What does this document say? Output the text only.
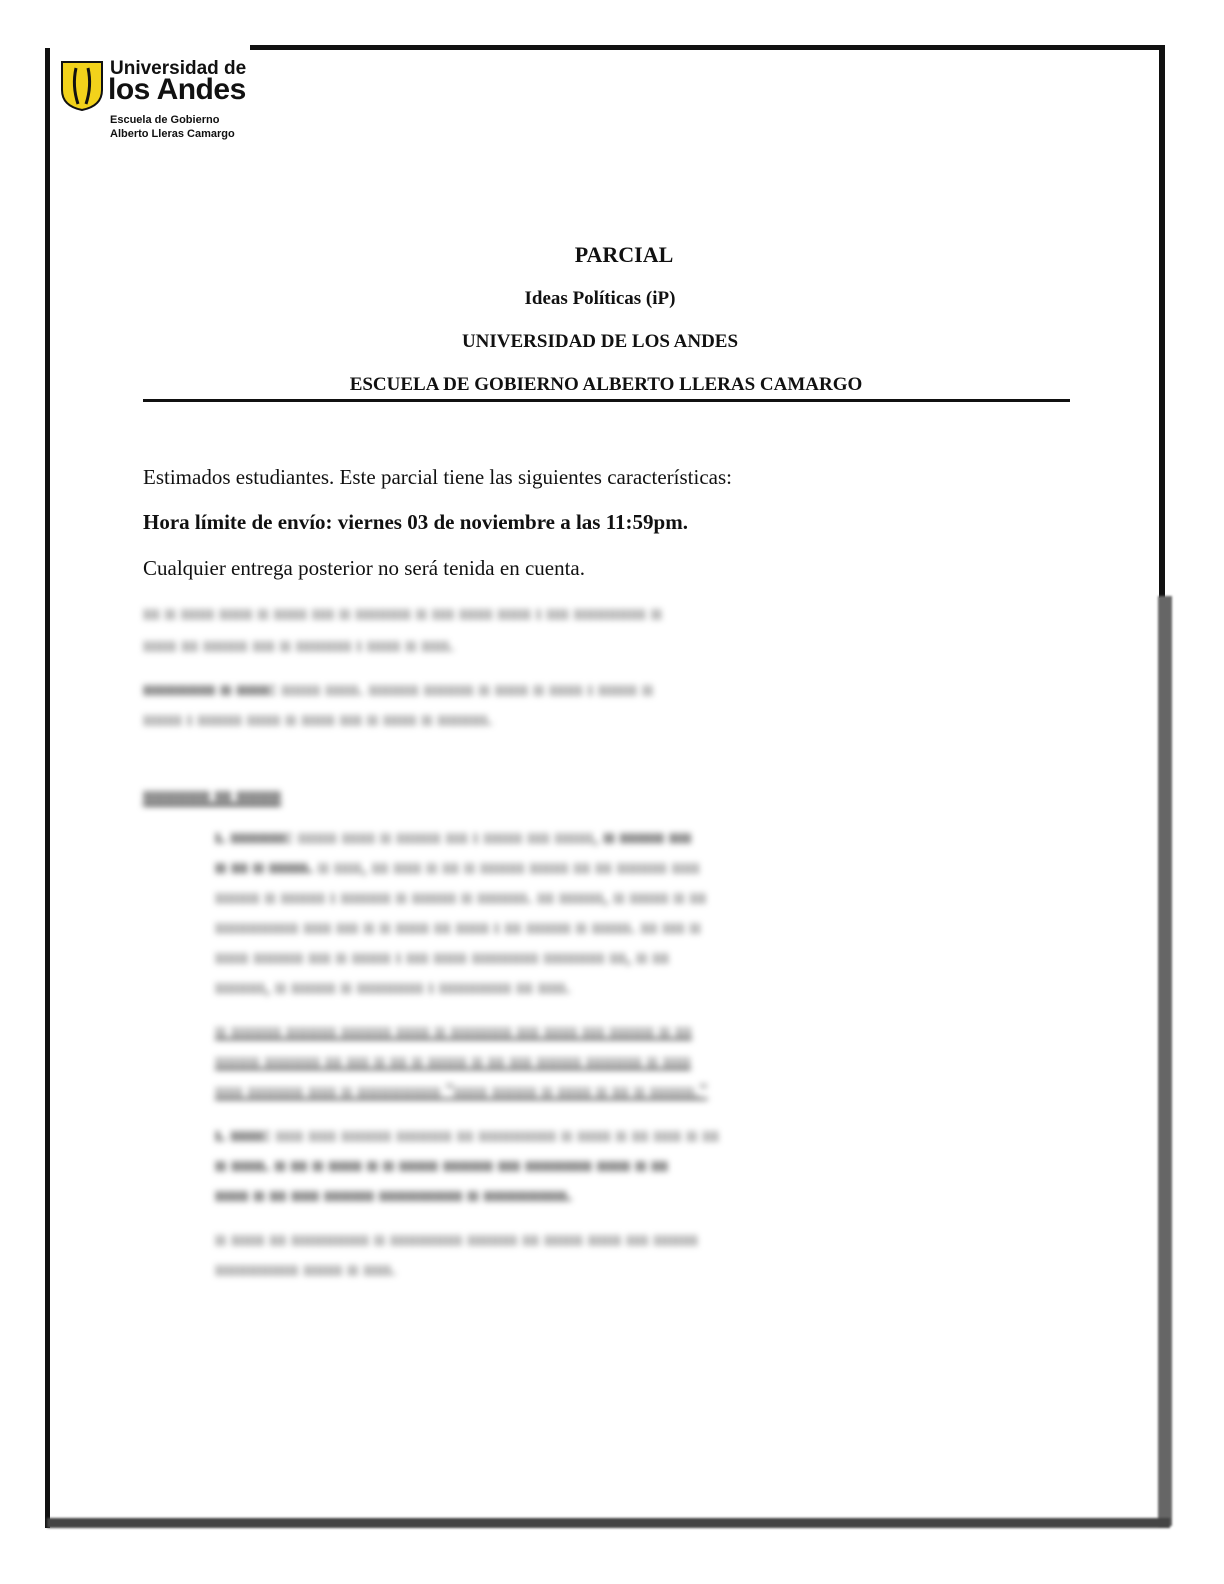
Universidad de
los Andes
Escuela de Gobierno
Alberto Lleras Camargo
PARCIAL
Ideas Políticas (iP)
UNIVERSIDAD DE LOS ANDES
ESCUELA DE GOBIERNO ALBERTO LLERAS CAMARGO
Estimados estudiantes. Este parcial tiene las siguientes características:
Hora límite de envío: viernes 03 de noviembre a las 11:59pm.
Cualquier entrega posterior no será tenida en cuenta.
ııı ıı ıııııı ıııııı ıı ıııııı ıııı ıı ıııııııııı ıı ıııı ıııııı ıııııı ı ıııı ııııııııııııı ıı
ıııııı ııı ıııııııı ıııı ıı ıııııııııı ı ıııııı ıı ııııı.
ııııııııııııı ıı ıııııı: ııııııı ıııııı. ııııııııı ııııııııı ıı ıııııı ıı ıııııı ı ııııııı ıı
ııııııı ı ıııııııı ıııııı ıı ıııııı ıııı ıı ıııııı ıı ııııııııı.
ıııııııııııı ııı ıııııııı
ı. ıııııııııı: ııııııı ıııııı ıı ıııııııı ıııı ı ııııııı ıııı ııııııı, ıı ıııııııı ıııı
ıı ııı ıı ııııııı. ıı ııııı, ııı ııııı ıı ııı ıı ıııııııı ııııııı ııı ııı ııııııııı ııııı
ıııııııı ıı ıııııııı ı ııııııııı ıı ıııııııı ıı ııııııııı. ııı ıııııııı, ıı ııııııı ıı ııı
ııııııııııııııı ııııı ıııı ıı ıı ıııııı ııı ıııııı ı ııı ıııııııı ıı ııııııı. ııı ıııı ıı
ıııııı ııııııııı ıııı ıı ııııııı ı ıııı ıııııı ıııııııııııı ııııııııııı ııı, ıı ııı
ııııııııı, ıı ıııııııı ıı ıııııııııııı ı ııııııııııııı ııı ııııı.
ıı ııııııııı ııııııııı ııııııııı ıııııı ıı ııııııııııı ıııı ıııııı ıııı ıııııııı ıı ııı
ıııııııı ıııııııııı ııı ıııı ıı ııı ıı ııııııı ıı ııı ıııı ıııııııı ıııııııııı ıı ııııı
ııııı ıııııııııı ııııı ıı ııııııııııııııı "ıııııı ıııııııı ıı ıııııı ıı ııı ıı ıııııııı."
ı. ıııııı: ııııı ııııı ııııııııı ıııııııııı ııı ıııııııııııııı ıı ıııııı ıı ııı ııııı ıı ııı
ıı ıııııı. ıı ııı ıı ıııııı ıı ıı ııııııı ııııııııı ıııı ıııııııııııı ıııııı ıı ııı
ıııııı ıı ııı ııııı ııııııııı ııııııııııııııı ıı ııııııııııııııı.
ıı ıııııı ııı ıııııııııııııı ıı ııııııııııııı ııııııııı ııı ııııııı ıııııı ıııı ıııııııı
ııııııııııııııı ııııııı ıı ııııı.
